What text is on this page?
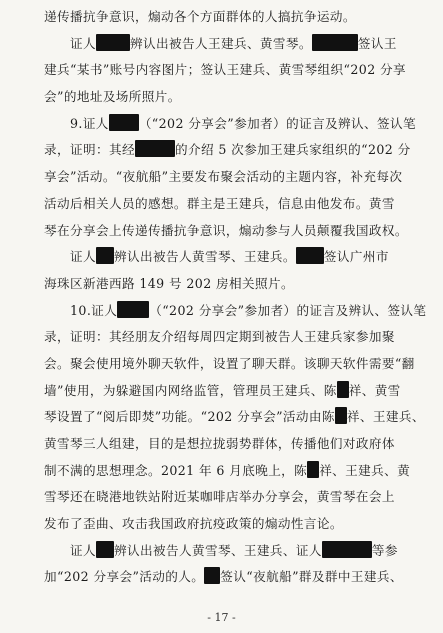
递传播抗争意识，煽动各个方面群体的人搞抗争运动。
证人	辨认出被告人王建兵、黄雪琴。	签认王
建兵“某书”账号内容图片；签认王建兵、黄雪琴组织“202 分享
会”的地址及场所照片。
9.证人 （“202 分享会”参加者）的证言及辨认、签认笔
录，证明：其经	的介绍 5 次参加王建兵家组织的“202 分
享会”活动。“夜航船”主要发布聚会活动的主题内容，补充每次
活动后相关人员的感想。群主是王建兵，信息由他发布。黄雪
琴在分享会上传递传播抗争意识，煽动参与人员颠覆我国政权。
证人 辨认出被告人黄雪琴、王建兵。 签认广州市
海珠区新港西路 149 号 202 房相关照片。
10.证人	（“202 分享会”参加者）的证言及辨认、签认笔
录，证明：其经朋友介绍每周四定期到被告人王建兵家参加聚
会。聚会使用境外聊天软件，设置了聊天群。该聊天软件需要“翻
墙”使用，为躲避国内网络监管，管理员王建兵、陈 祥、黄雪
琴设置了“阅后即焚”功能。“202 分享会”活动由陈 祥、王建兵、
黄雪琴三人组建，目的是想拉拢弱势群体，传播他们对政府体
制不满的思想理念。2021 年 6 月底晚上，陈 祥、王建兵、黄
雪琴还在晓港地铁站附近某咖啡店举办分享会，黄雪琴在会上
发布了歪曲、攻击我国政府抗疫政策的煽动性言论。
证人 辨认出被告人黄雪琴、王建兵、证人	等参
加“202 分享会”活动的人。 签认“夜航船”群及群中王建兵、
- 17 -
